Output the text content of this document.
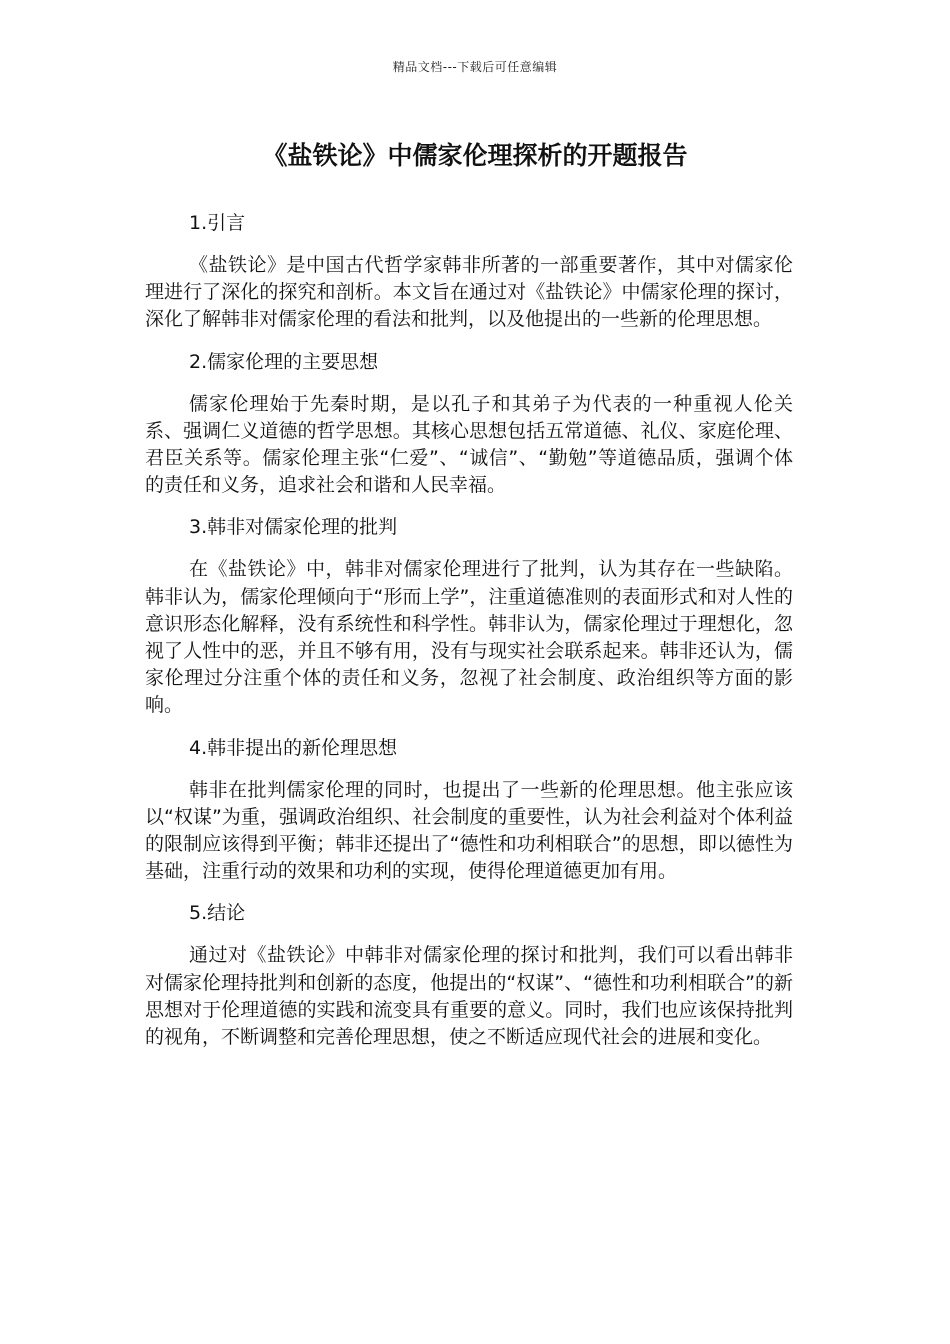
精品文档---下载后可任意编辑
《盐铁论》中儒家伦理探析的开题报告

1.引言

《盐铁论》是中国古代哲学家韩非所著的一部重要著作，其中对儒家伦理进行了深化的探究和剖析。本文旨在通过对《盐铁论》中儒家伦理的探讨，深化了解韩非对儒家伦理的看法和批判，以及他提出的一些新的伦理思想。

2.儒家伦理的主要思想

儒家伦理始于先秦时期，是以孔子和其弟子为代表的一种重视人伦关系、强调仁义道德的哲学思想。其核心思想包括五常道德、礼仪、家庭伦理、君臣关系等。儒家伦理主张“仁爱”、“诚信”、“勤勉”等道德品质，强调个体的责任和义务，追求社会和谐和人民幸福。

3.韩非对儒家伦理的批判

在《盐铁论》中，韩非对儒家伦理进行了批判，认为其存在一些缺陷。韩非认为，儒家伦理倾向于“形而上学”，注重道德准则的表面形式和对人性的意识形态化解释，没有系统性和科学性。韩非认为，儒家伦理过于理想化，忽视了人性中的恶，并且不够有用，没有与现实社会联系起来。韩非还认为，儒家伦理过分注重个体的责任和义务，忽视了社会制度、政治组织等方面的影响。

4.韩非提出的新伦理思想

韩非在批判儒家伦理的同时，也提出了一些新的伦理思想。他主张应该以“权谋”为重，强调政治组织、社会制度的重要性，认为社会利益对个体利益的限制应该得到平衡；韩非还提出了“德性和功利相联合”的思想，即以德性为基础，注重行动的效果和功利的实现，使得伦理道德更加有用。

5.结论

通过对《盐铁论》中韩非对儒家伦理的探讨和批判，我们可以看出韩非对儒家伦理持批判和创新的态度，他提出的“权谋”、“德性和功利相联合”的新思想对于伦理道德的实践和流变具有重要的意义。同时，我们也应该保持批判的视角，不断调整和完善伦理思想，使之不断适应现代社会的进展和变化。
